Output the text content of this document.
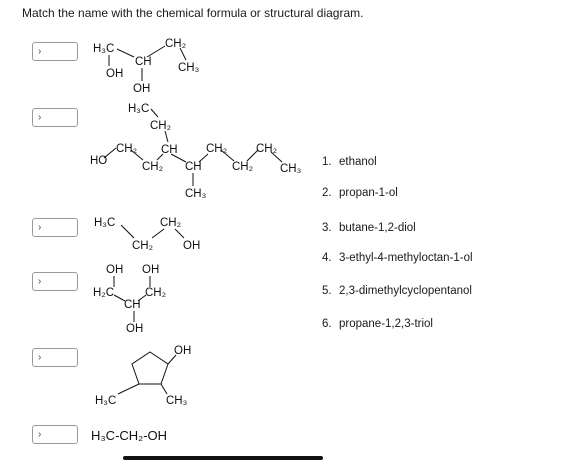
Match the name with the chemical formula or structural diagram.
›
›
›
›
›
›
H₃C	CH₂
CH CH₃
OH
OH
H₃C
CH₂
CH₂ CH CH₂	CH₂
HO	CH₂ CH	CH₂ CH₃
CH₃
H₃C	CH₂
CH₂	OH
OH OH
H₂C	CH₂
CH
OH
OH
H₃C	CH₃
H₃C-CH₂-OH
1. ethanol
2. propan-1-ol
3. butane-1,2-diol
4. 3-ethyl-4-methyloctan-1-ol
5. 2,3-dimethylcyclopentanol
6. propane-1,2,3-triol
